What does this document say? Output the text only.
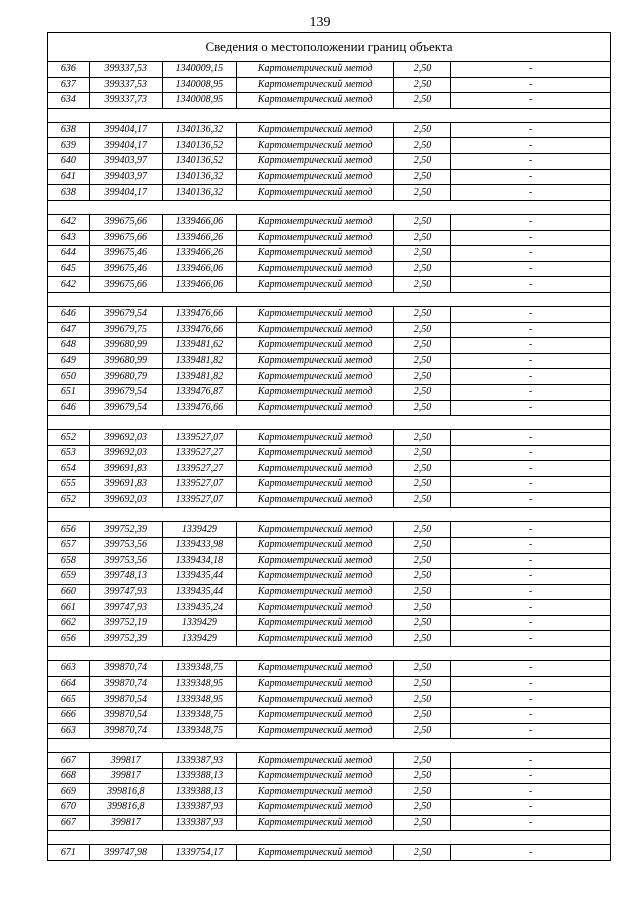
139
Сведения о местоположении границ объекта					
636	399337,53	1340009,15	Картометрический метод	2,50	-
637	399337,53	1340008,95	Картометрический метод	2,50	-
634	399337,73	1340008,95	Картометрический метод	2,50	-

638	399404,17	1340136,32	Картометрический метод	2,50	-
639	399404,17	1340136,52	Картометрический метод	2,50	-
640	399403,97	1340136,52	Картометрический метод	2,50	-
641	399403,97	1340136,32	Картометрический метод	2,50	-
638	399404,17	1340136,32	Картометрический метод	2,50	-

642	399675,66	1339466,06	Картометрический метод	2,50	-
643	399675,66	1339466,26	Картометрический метод	2,50	-
644	399675,46	1339466,26	Картометрический метод	2,50	-
645	399675,46	1339466,06	Картометрический метод	2,50	-
642	399675,66	1339466,06	Картометрический метод	2,50	-

646	399679,54	1339476,66	Картометрический метод	2,50	-
647	399679,75	1339476,66	Картометрический метод	2,50	-
648	399680,99	1339481,62	Картометрический метод	2,50	-
649	399680,99	1339481,82	Картометрический метод	2,50	-
650	399680,79	1339481,82	Картометрический метод	2,50	-
651	399679,54	1339476,87	Картометрический метод	2,50	-
646	399679,54	1339476,66	Картометрический метод	2,50	-

652	399692,03	1339527,07	Картометрический метод	2,50	-
653	399692,03	1339527,27	Картометрический метод	2,50	-
654	399691,83	1339527,27	Картометрический метод	2,50	-
655	399691,83	1339527,07	Картометрический метод	2,50	-
652	399692,03	1339527,07	Картометрический метод	2,50	-

656	399752,39	1339429	Картометрический метод	2,50	-
657	399753,56	1339433,98	Картометрический метод	2,50	-
658	399753,56	1339434,18	Картометрический метод	2,50	-
659	399748,13	1339435,44	Картометрический метод	2,50	-
660	399747,93	1339435,44	Картометрический метод	2,50	-
661	399747,93	1339435,24	Картометрический метод	2,50	-
662	399752,19	1339429	Картометрический метод	2,50	-
656	399752,39	1339429	Картометрический метод	2,50	-

663	399870,74	1339348,75	Картометрический метод	2,50	-
664	399870,74	1339348,95	Картометрический метод	2,50	-
665	399870,54	1339348,95	Картометрический метод	2,50	-
666	399870,54	1339348,75	Картометрический метод	2,50	-
663	399870,74	1339348,75	Картометрический метод	2,50	-

667	399817	1339387,93	Картометрический метод	2,50	-
668	399817	1339388,13	Картометрический метод	2,50	-
669	399816,8	1339388,13	Картометрический метод	2,50	-
670	399816,8	1339387,93	Картометрический метод	2,50	-
667	399817	1339387,93	Картометрический метод	2,50	-

671	399747,98	1339754,17	Картометрический метод	2,50	-
